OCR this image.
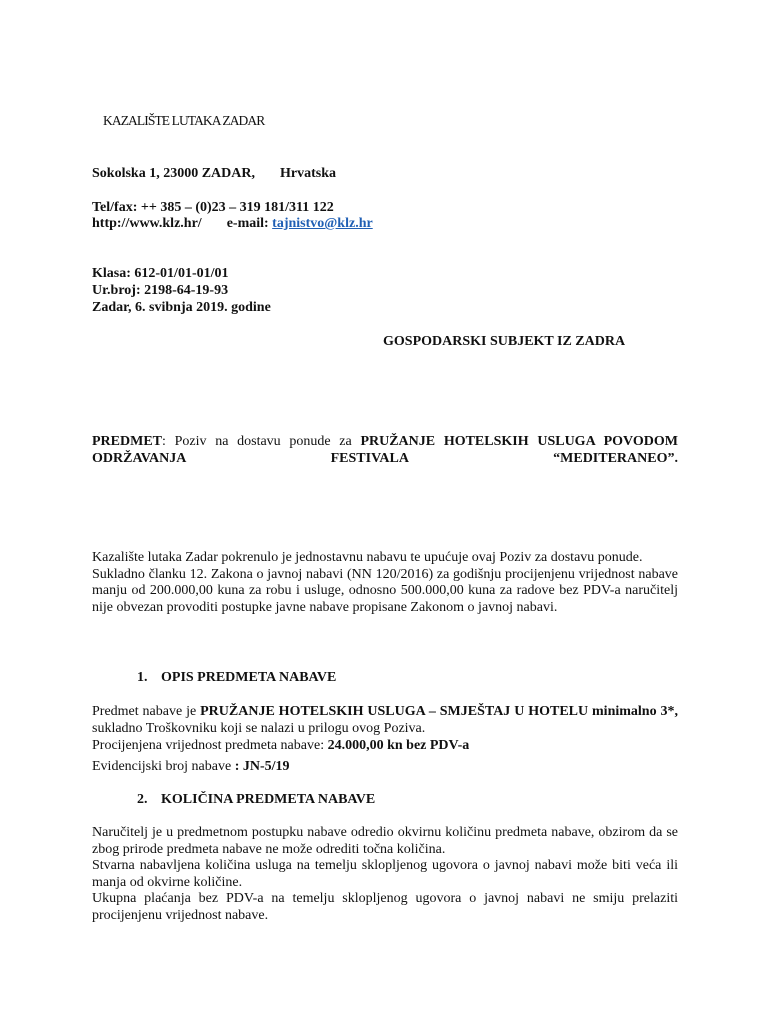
KAZALIŠTE LUTAKA ZADAR
Sokolska 1, 23000 ZADAR, Hrvatska
Tel/fax: ++ 385 – (0)23 – 319 181/311 122
http://www.klz.hr/ e-mail: tajnistvo@klz.hr
Klasa: 612-01/01-01/01
Ur.broj: 2198-64-19-93
Zadar, 6. svibnja 2019. godine
GOSPODARSKI SUBJEKT IZ ZADRA

PREDMET: Poziv na dostavu ponude za PRUŽANJE HOTELSKIH USLUGA POVODOM ODRŽAVANJA FESTIVALA “MEDITERANEO”.

Kazalište lutaka Zadar pokrenulo je jednostavnu nabavu te upućuje ovaj Poziv za dostavu ponude.

Sukladno članku 12. Zakona o javnoj nabavi (NN 120/2016) za godišnju procijenjenu vrijednost nabave manju od 200.000,00 kuna za robu i usluge, odnosno 500.000,00 kuna za radove bez PDV-a naručitelj nije obvezan provoditi postupke javne nabave propisane Zakonom o javnoj nabavi.

1. OPIS PREDMETA NABAVE

Predmet nabave je PRUŽANJE HOTELSKIH USLUGA – SMJEŠTAJ U HOTELU minimalno 3*, sukladno Troškovniku koji se nalazi u prilogu ovog Poziva.

Procijenjena vrijednost predmeta nabave: 24.000,00 kn bez PDV-a

Evidencijski broj nabave : JN-5/19

2. KOLIČINA PREDMETA NABAVE

Naručitelj je u predmetnom postupku nabave odredio okvirnu količinu predmeta nabave, obzirom da se zbog prirode predmeta nabave ne može odrediti točna količina.

Stvarna nabavljena količina usluga na temelju sklopljenog ugovora o javnoj nabavi može biti veća ili manja od okvirne količine.

Ukupna plaćanja bez PDV-a na temelju sklopljenog ugovora o javnoj nabavi ne smiju prelaziti procijenjenu vrijednost nabave.
